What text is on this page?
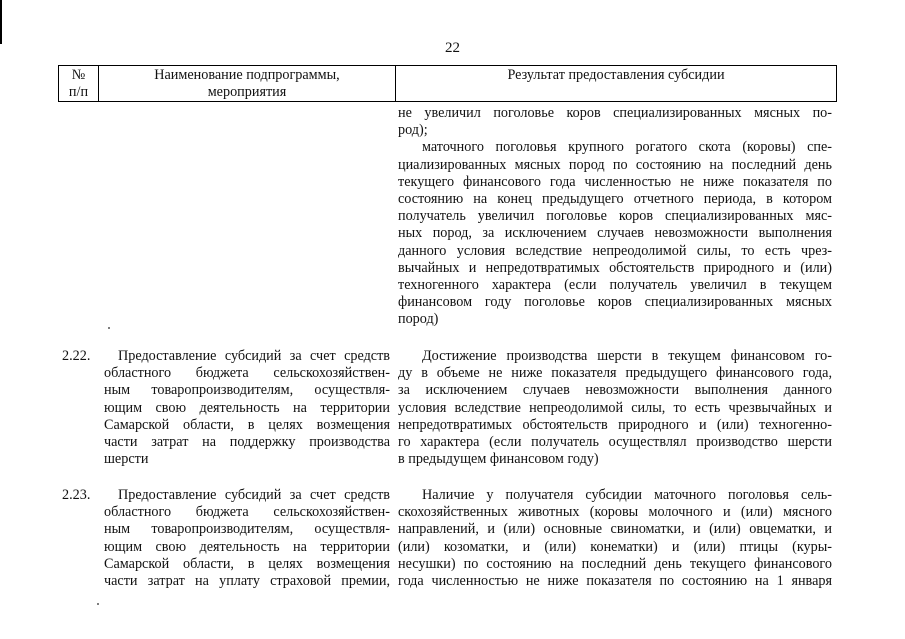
22
№
п/п
Наименование подпрограммы,
мероприятия
Результат предоставления субсидии
не увеличил поголовье коров специализированных мясных по-
род);
маточного поголовья крупного рогатого скота (коровы) спе-
циализированных мясных пород по состоянию на последний день
текущего финансового года численностью не ниже показателя по
состоянию на конец предыдущего отчетного периода, в котором
получатель увеличил поголовье коров специализированных мяс-
ных пород, за исключением случаев невозможности выполнения
данного условия вследствие непреодолимой силы, то есть чрез-
вычайных и непредотвратимых обстоятельств природного и (или)
техногенного характера (если получатель увеличил в текущем
финансовом году поголовье коров специализированных мясных
пород)
2.22.	Предоставление субсидий за счет средств
областного бюджета сельскохозяйствен-
ным товаропроизводителям, осуществля-
ющим свою деятельность на территории
Самарской области, в целях возмещения
части затрат на поддержку производства
шерсти
Достижение производства шерсти в текущем финансовом го-
ду в объеме не ниже показателя предыдущего финансового года,
за исключением случаев невозможности выполнения данного
условия вследствие непреодолимой силы, то есть чрезвычайных и
непредотвратимых обстоятельств природного и (или) техногенно-
го характера (если получатель осуществлял производство шерсти
в предыдущем финансовом году)
2.23.	Предоставление субсидий за счет средств
областного бюджета сельскохозяйствен-
ным товаропроизводителям, осуществля-
ющим свою деятельность на территории
Самарской области, в целях возмещения
части затрат на уплату страховой премии,
Наличие у получателя субсидии маточного поголовья сель-
скохозяйственных животных (коровы молочного и (или) мясного
направлений, и (или) основные свиноматки, и (или) овцематки, и
(или) козоматки, и (или) конематки) и (или) птицы (куры-
несушки) по состоянию на последний день текущего финансового
года численностью не ниже показателя по состоянию на 1 января
